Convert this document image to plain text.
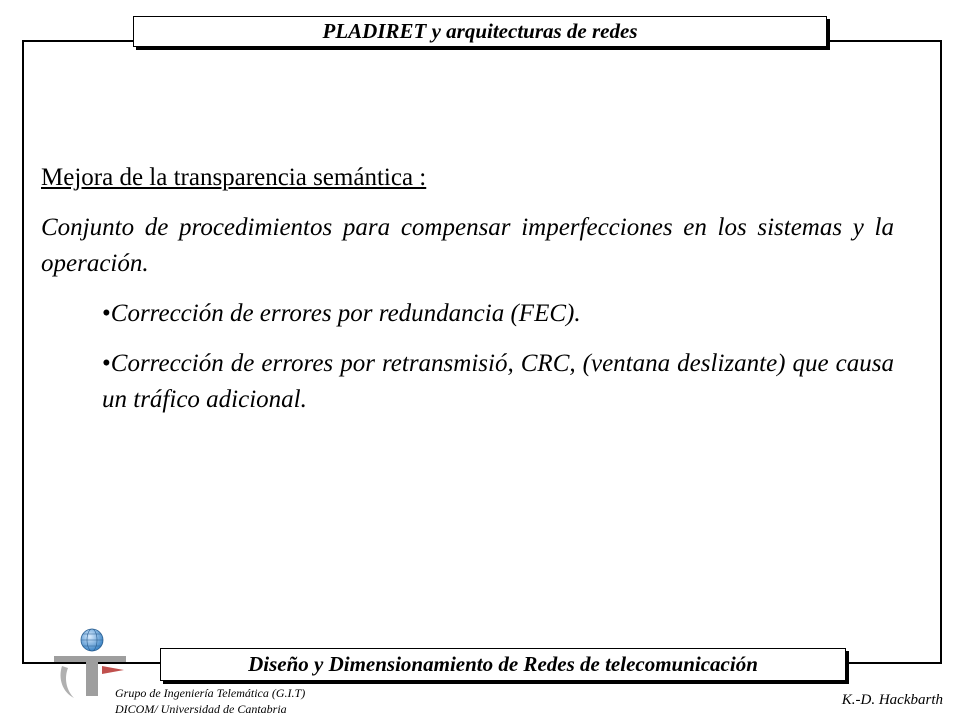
PLADIRET y arquitecturas de redes
Mejora de la transparencia semántica :
Conjunto de procedimientos para compensar imperfecciones en los sistemas y la operación.
•Corrección de errores por redundancia (FEC).
•Corrección de errores por retransmisió, CRC, (ventana deslizante) que causa un tráfico adicional.
Diseño y Dimensionamiento de Redes de telecomunicación
Grupo de Ingeniería Telemática (G.I.T)
DICOM/ Universidad de Cantabria
K.-D. Hackbarth
